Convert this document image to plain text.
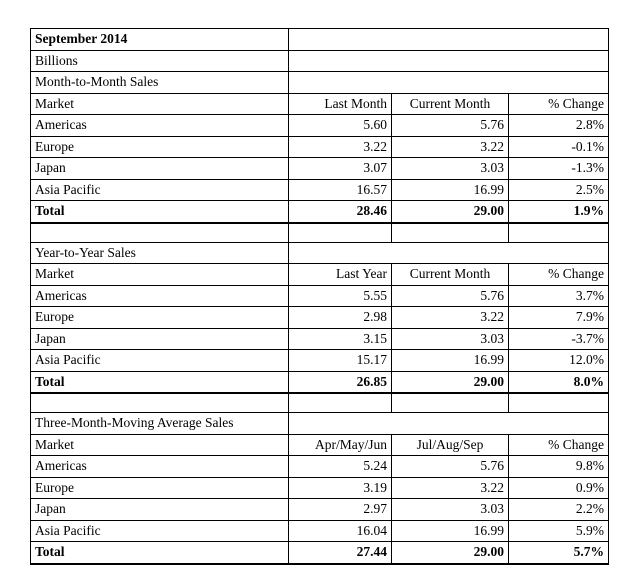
September 2014			
Billions			
Month-to-Month Sales			
Market	Last Month	Current Month	% Change
Americas	5.60	5.76	2.8%
Europe	3.22	3.22	-0.1%
Japan	3.07	3.03	-1.3%
Asia Pacific	16.57	16.99	2.5%
Total	28.46	29.00	1.9%

Year-to-Year Sales			
Market	Last Year	Current Month	% Change
Americas	5.55	5.76	3.7%
Europe	2.98	3.22	7.9%
Japan	3.15	3.03	-3.7%
Asia Pacific	15.17	16.99	12.0%
Total	26.85	29.00	8.0%

Three-Month-Moving Average Sales			
Market	Apr/May/Jun	Jul/Aug/Sep	% Change
Americas	5.24	5.76	9.8%
Europe	3.19	3.22	0.9%
Japan	2.97	3.03	2.2%
Asia Pacific	16.04	16.99	5.9%
Total	27.44	29.00	5.7%
